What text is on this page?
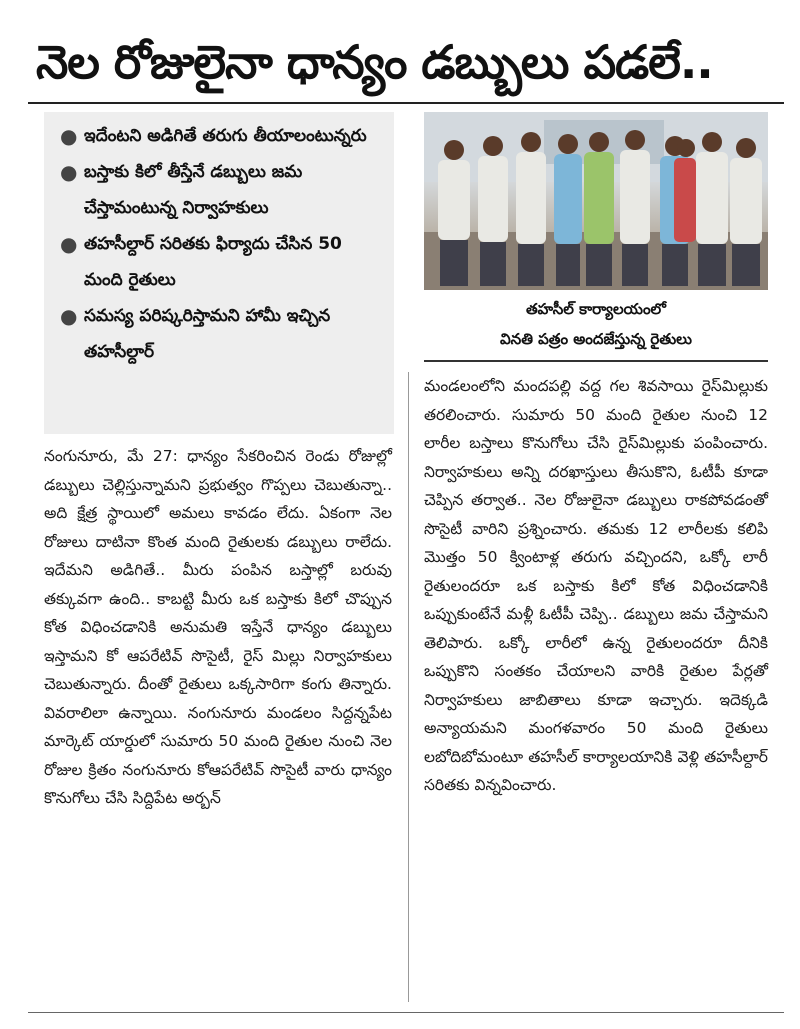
నెల రోజులైనా ధాన్యం డబ్బులు పడలే..
● ఇదేంటని అడిగితే తరుగు తీయాలంటున్నరు
● బస్తాకు కిలో తీస్తేనే డబ్బులు జమ చేస్తామంటున్న నిర్వాహకులు
● తహసీల్దార్ సరితకు ఫిర్యాదు చేసిన 50 మంది రైతులు
● సమస్య పరిష్కరిస్తామని హామీ ఇచ్చిన తహసీల్దార్
తహసీల్ కార్యాలయంలో
వినతి పత్రం అందజేస్తున్న రైతులు
నంగునూరు, మే 27: ధాన్యం సేకరించిన రెండు రోజుల్లో డబ్బులు చెల్లిస్తున్నామని ప్రభుత్వం గొప్పలు చెబుతున్నా.. అది క్షేత్ర స్థాయిలో అమలు కావడం లేదు. ఏకంగా నెల రోజులు దాటినా కొంత మంది రైతులకు డబ్బులు రాలేదు. ఇదేమని అడిగితే.. మీరు పంపిన బస్తాల్లో బరువు తక్కువగా ఉంది.. కాబట్టి మీరు ఒక బస్తాకు కిలో చొప్పున కోత విధించడానికి అనుమతి ఇస్తేనే ధాన్యం డబ్బులు ఇస్తామని కో ఆపరేటివ్ సొసైటీ, రైస్ మిల్లు నిర్వాహకులు చెబుతున్నారు. దీంతో రైతులు ఒక్కసారిగా కంగు తిన్నారు. వివరాలిలా ఉన్నాయి. నంగునూరు మండలం సిద్దన్నపేట మార్కెట్ యార్డులో సుమారు 50 మంది రైతుల నుంచి నెల రోజుల క్రితం నంగునూరు కోఆపరేటివ్ సొసైటీ వారు ధాన్యం కొనుగోలు చేసి సిద్దిపేట అర్బన్
మండలంలోని మందపల్లి వద్ద గల శివసాయి రైస్‌మిల్లుకు తరలించారు. సుమారు 50 మంది రైతుల నుంచి 12 లారీల బస్తాలు కొనుగోలు చేసి రైస్‌మిల్లుకు పంపించారు. నిర్వాహకులు అన్ని దరఖాస్తులు తీసుకొని, ఓటీపీ కూడా చెప్పిన తర్వాత.. నెల రోజులైనా డబ్బులు రాకపోవడంతో సొసైటీ వారిని ప్రశ్నించారు. తమకు 12 లారీలకు కలిపి మొత్తం 50 క్వింటాళ్ల తరుగు వచ్చిందని, ఒక్కో లారీ రైతులందరూ ఒక బస్తాకు కిలో కోత విధించడానికి ఒప్పుకుంటేనే మళ్లీ ఓటీపీ చెప్పి.. డబ్బులు జమ చేస్తామని తెలిపారు. ఒక్కో లారీలో ఉన్న రైతులందరూ దీనికి ఒప్పుకొని సంతకం చేయాలని వారికి రైతుల పేర్లతో నిర్వాహకులు జాబితాలు కూడా ఇచ్చారు. ఇదెక్కడి అన్యాయమని మంగళవారం 50 మంది రైతులు లబోదిబోమంటూ తహసీల్ కార్యాలయానికి వెళ్లి తహసీల్దార్ సరితకు విన్నవించారు.
